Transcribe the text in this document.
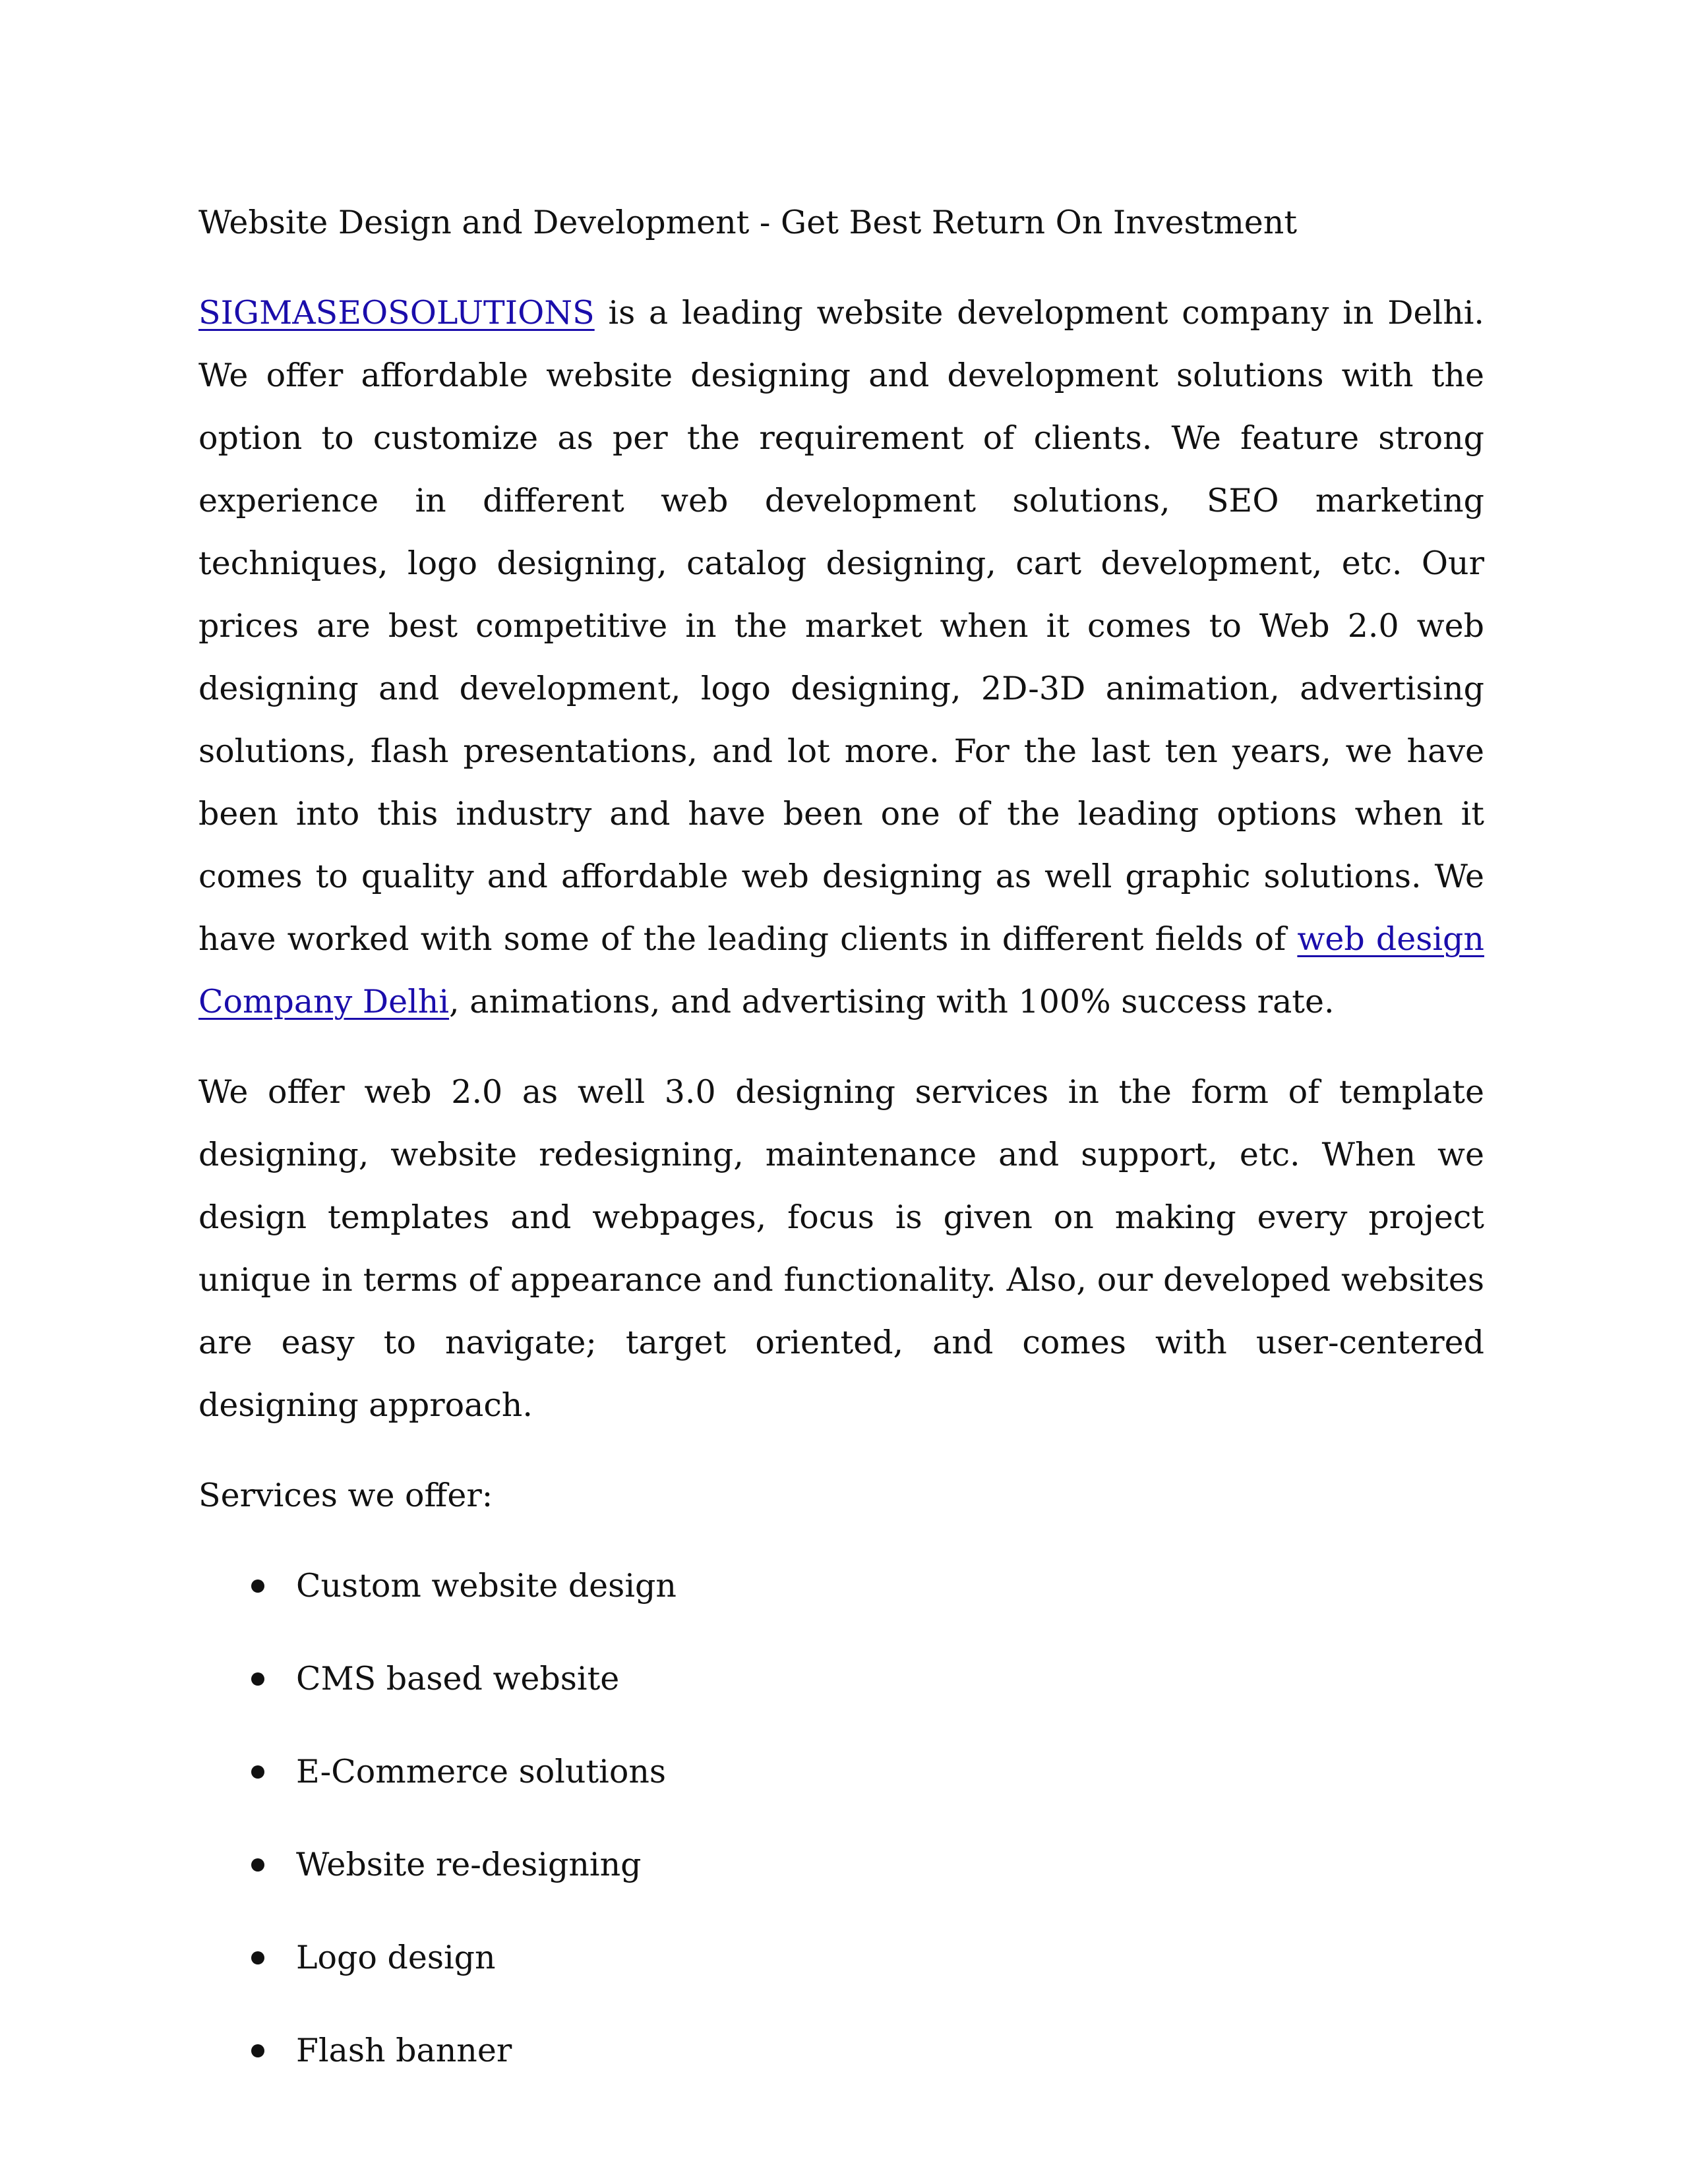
Website Design and Development - Get Best Return On Investment

SIGMASEOSOLUTIONS is a leading website development company in Delhi. We offer affordable website designing and development solutions with the option to customize as per the requirement of clients. We feature strong experience in different web development solutions, SEO marketing techniques, logo designing, catalog designing, cart development, etc. Our prices are best competitive in the market when it comes to Web 2.0 web designing and development, logo designing, 2D-3D animation, advertising solutions, flash presentations, and lot more. For the last ten years, we have been into this industry and have been one of the leading options when it comes to quality and affordable web designing as well graphic solutions. We have worked with some of the leading clients in different fields of web design Company Delhi, animations, and advertising with 100% success rate.

We offer web 2.0 as well 3.0 designing services in the form of template designing, website redesigning, maintenance and support, etc. When we design templates and webpages, focus is given on making every project unique in terms of appearance and functionality. Also, our developed websites are easy to navigate; target oriented, and comes with user-centered designing approach.

Services we offer:
Custom website design
CMS based website
E-Commerce solutions
Website re-designing
Logo design
Flash banner
